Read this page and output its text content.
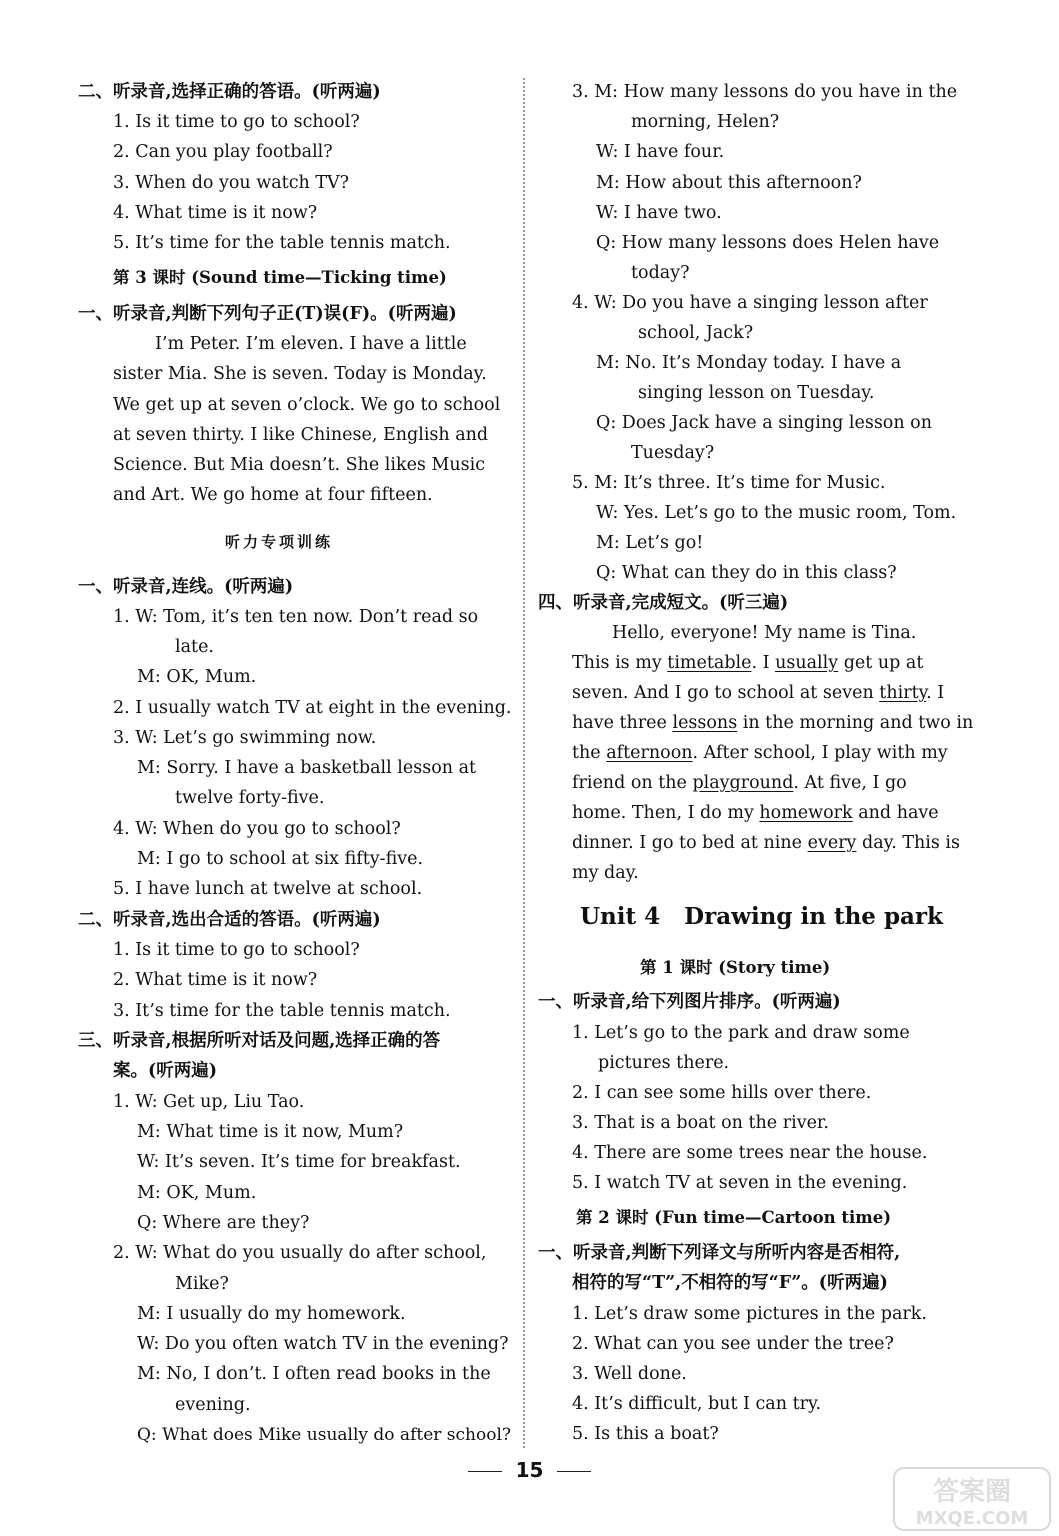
二、听录音,选择正确的答语。(听两遍)
1. Is it time to go to school?
2. Can you play football?
3. When do you watch TV?
4. What time is it now?
5. It’s time for the table tennis match.
第 3 课时 (Sound time—Ticking time)
一、听录音,判断下列句子正(T)误(F)。(听两遍)
I’m Peter. I’m eleven. I have a little
sister Mia. She is seven. Today is Monday.
We get up at seven o’clock. We go to school
at seven thirty. I like Chinese, English and
Science. But Mia doesn’t. She likes Music
and Art. We go home at four fifteen.
听力专项训练
一、听录音,连线。(听两遍)
1. W: Tom, it’s ten ten now. Don’t read so
late.
M: OK, Mum.
2. I usually watch TV at eight in the evening.
3. W: Let’s go swimming now.
M: Sorry. I have a basketball lesson at
twelve forty-five.
4. W: When do you go to school?
M: I go to school at six fifty-five.
5. I have lunch at twelve at school.
二、听录音,选出合适的答语。(听两遍)
1. Is it time to go to school?
2. What time is it now?
3. It’s time for the table tennis match.
三、听录音,根据所听对话及问题,选择正确的答
案。(听两遍)
1. W: Get up, Liu Tao.
M: What time is it now, Mum?
W: It’s seven. It’s time for breakfast.
M: OK, Mum.
Q: Where are they?
2. W: What do you usually do after school,
Mike?
M: I usually do my homework.
W: Do you often watch TV in the evening?
M: No, I don’t. I often read books in the
evening.
Q: What does Mike usually do after school?
3. M: How many lessons do you have in the
morning, Helen?
W: I have four.
M: How about this afternoon?
W: I have two.
Q: How many lessons does Helen have
today?
4. W: Do you have a singing lesson after
school, Jack?
M: No. It’s Monday today. I have a
singing lesson on Tuesday.
Q: Does Jack have a singing lesson on
Tuesday?
5. M: It’s three. It’s time for Music.
W: Yes. Let’s go to the music room, Tom.
M: Let’s go!
Q: What can they do in this class?
四、听录音,完成短文。(听三遍)
Hello, everyone! My name is Tina.
This is my timetable. I usually get up at
seven. And I go to school at seven thirty. I
have three lessons in the morning and two in
the afternoon. After school, I play with my
friend on the playground. At five, I go
home. Then, I do my homework and have
dinner. I go to bed at nine every day. This is
my day.
Unit 4   Drawing in the park
第 1 课时 (Story time)
一、听录音,给下列图片排序。(听两遍)
1. Let’s go to the park and draw some
pictures there.
2. I can see some hills over there.
3. That is a boat on the river.
4. There are some trees near the house.
5. I watch TV at seven in the evening.
第 2 课时 (Fun time—Cartoon time)
一、听录音,判断下列译文与所听内容是否相符,
相符的写“T”,不相符的写“F”。(听两遍)
1. Let’s draw some pictures in the park.
2. What can you see under the tree?
3. Well done.
4. It’s difficult, but I can try.
5. Is this a boat?
15
答案圈
MXQE.COM
